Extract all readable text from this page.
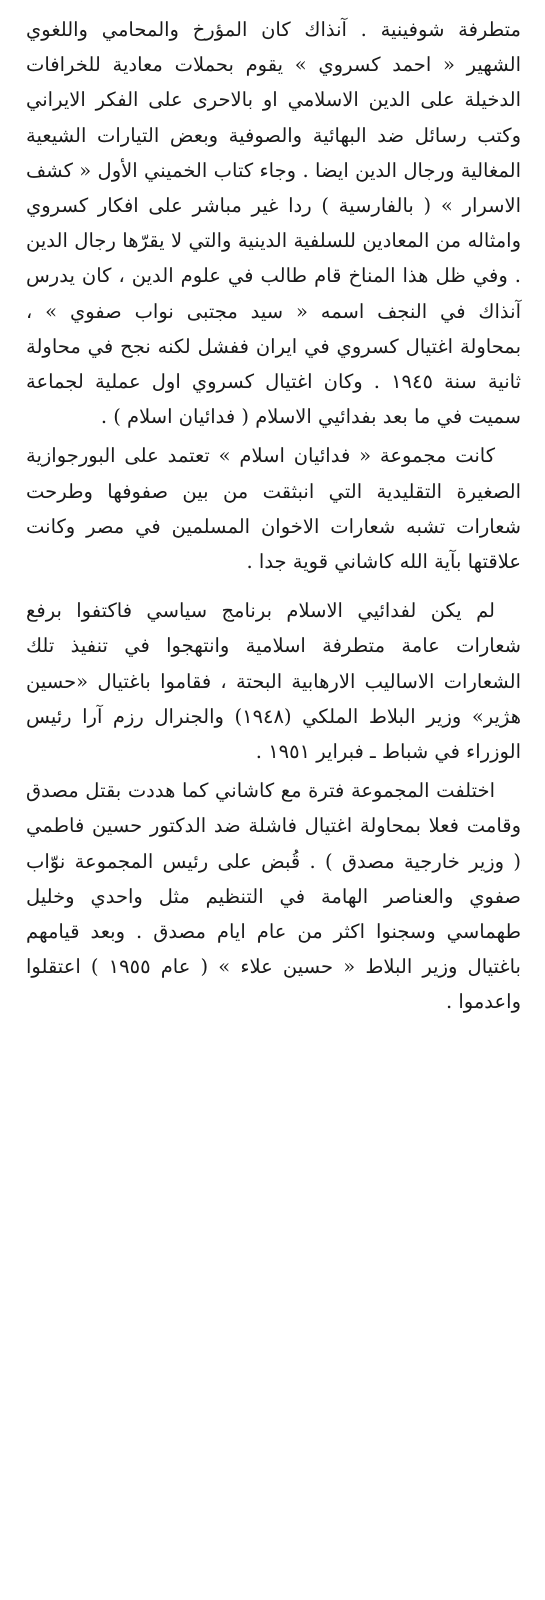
متطرفة شوفينية . آنذاك كان المؤرخ والمحامي واللغوي الشهير « احمد كسروي » يقوم بحملات معادية للخرافات الدخيلة على الدين الاسلامي او بالاحرى على الفكر الايراني وكتب رسائل ضد البهائية والصوفية وبعض التيارات الشيعية المغالية ورجال الدين ايضا . وجاء كتاب الخميني الأول « كشف الاسرار » ( بالفارسية ) ردا غير مباشر على افكار كسروي وامثاله من المعادين للسلفية الدينية والتي لا يقرّها رجال الدين . وفي ظل هذا المناخ قام طالب في علوم الدين ، كان يدرس آنذاك في النجف اسمه « سيد مجتبى نواب صفوي » ، بمحاولة اغتيال كسروي في ايران ففشل لكنه نجح في محاولة ثانية سنة ١٩٤٥ . وكان اغتيال كسروي اول عملية لجماعة سميت في ما بعد بفدائيي الاسلام ( فدائيان اسلام ) .

كانت مجموعة « فدائيان اسلام » تعتمد على البورجوازية الصغيرة التقليدية التي انبثقت من بين صفوفها وطرحت شعارات تشبه شعارات الاخوان المسلمين في مصر وكانت علاقتها بآية الله كاشاني قوية جدا .

لم يكن لفدائيي الاسلام برنامج سياسي فاكتفوا برفع شعارات عامة متطرفة اسلامية وانتهجوا في تنفيذ تلك الشعارات الاساليب الارهابية البحتة ، فقاموا باغتيال «حسين هژير» وزير البلاط الملكي (١٩٤٨) والجنرال رزم آرا رئيس الوزراء في شباط ـ فبراير ١٩٥١ .

اختلفت المجموعة فترة مع كاشاني كما هددت بقتل مصدق وقامت فعلا بمحاولة اغتيال فاشلة ضد الدكتور حسين فاطمي ( وزير خارجية مصدق ) . قُبض على رئيس المجموعة نوّاب صفوي والعناصر الهامة في التنظيم مثل واحدي وخليل طهماسي وسجنوا اكثر من عام ايام مصدق . وبعد قيامهم باغتيال وزير البلاط « حسين علاء » ( عام ١٩٥٥ ) اعتقلوا واعدموا .
